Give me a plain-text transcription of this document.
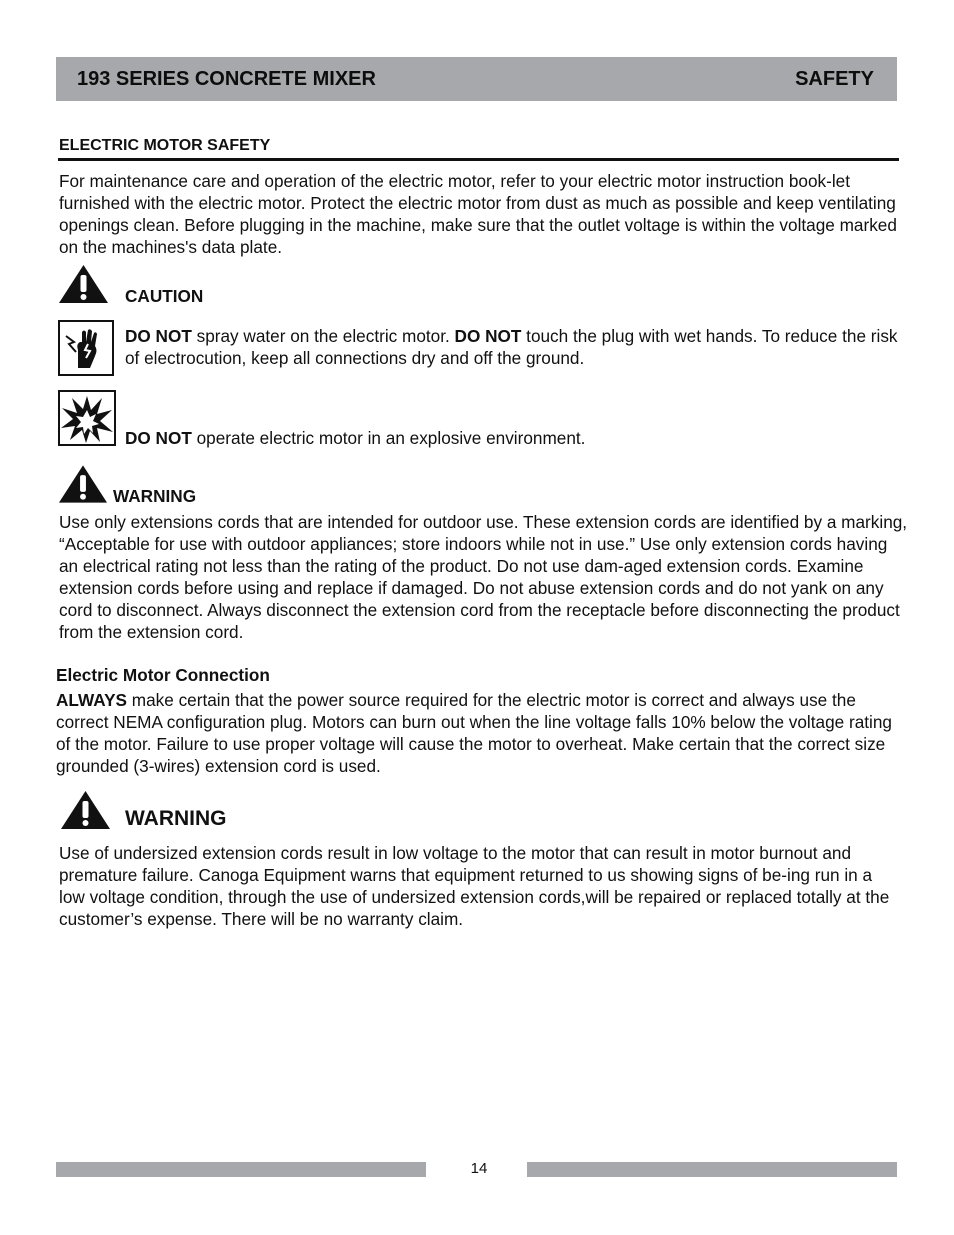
193 SERIES CONCRETE MIXER	SAFETY
ELECTRIC MOTOR SAFETY

For maintenance care and operation of the electric motor, refer to your electric motor instruction book-let furnished with the electric motor. Protect the electric motor from dust as much as possible and keep ventilating openings clean. Before plugging in the machine, make sure that the outlet voltage is within the voltage marked on the machines's data plate.

CAUTION

DO NOT spray water on the electric motor. DO NOT touch the plug with wet hands. To reduce the risk of electrocution, keep all connections dry and off the ground.

DO NOT operate electric motor in an explosive environment.

WARNING

Use only extensions cords that are intended for outdoor use. These extension cords are identified by a marking, “Acceptable for use with outdoor appliances; store indoors while not in use.” Use only extension cords having an electrical rating not less than the rating of the product. Do not use dam-aged extension cords. Examine extension cords before using and replace if damaged. Do not abuse extension cords and do not yank on any cord to disconnect. Always disconnect the extension cord from the receptacle before disconnecting the product from the extension cord.

Electric Motor Connection

ALWAYS make certain that the power source required for the electric motor is correct and always use the correct NEMA configuration plug. Motors can burn out when the line voltage falls 10% below the voltage rating of the motor. Failure to use proper voltage will cause the motor to overheat. Make certain that the correct size grounded (3-wires) extension cord is used.

WARNING

Use of undersized extension cords result in low voltage to the motor that can result in motor burnout and premature failure. Canoga Equipment warns that equipment returned to us showing signs of be-ing run in a low voltage condition, through the use of undersized extension cords,will be repaired or replaced totally at the customer’s expense. There will be no warranty claim.

14
